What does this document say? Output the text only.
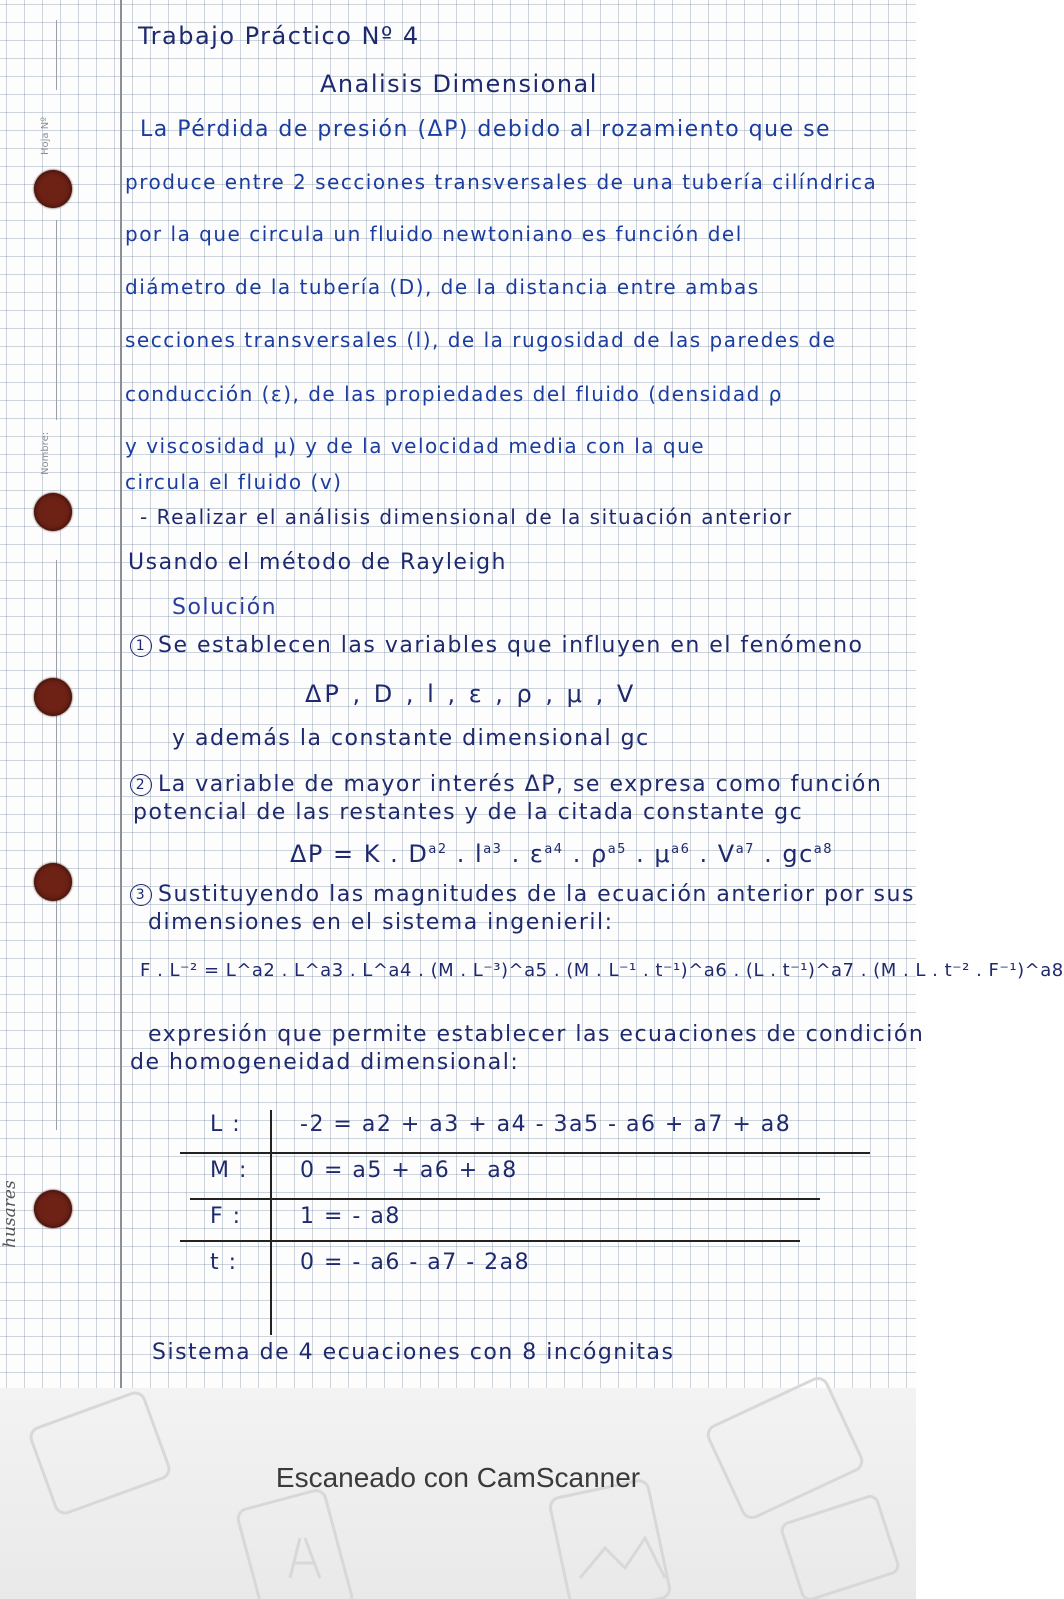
Hoja Nº
Nombre:
husares
Trabajo Práctico Nº 4
Analisis Dimensional
La Pérdida de presión (ΔP) debido al rozamiento que se
produce entre 2 secciones transversales de una tubería cilíndrica
por la que circula un fluido newtoniano es función del
diámetro de la tubería (D), de la distancia entre ambas
secciones transversales (l), de la rugosidad de las paredes de
conducción (ε), de las propiedades del fluido (densidad ρ
y viscosidad μ) y de la velocidad media con la que
circula el fluido (v)
- Realizar el análisis dimensional de la situación anterior
Usando el método de Rayleigh
Solución
1 Se establecen las variables que influyen en el fenómeno
ΔP , D , l , ε , ρ , μ , V
y además la constante dimensional gc
2 La variable de mayor interés ΔP, se expresa como función
potencial de las restantes y de la citada constante gc
ΔP = K . $D^{a2}$ . $l^{a3}$ . $\varepsilon^{a4}$ . $\rho^{a5}$ . $\mu^{a6}$ . $V^{a7}$ . $gc^{a8}$
3 Sustituyendo las magnitudes de la ecuación anterior por sus
dimensiones en el sistema ingenieril:
F . L⁻² = L^a2 . L^a3 . L^a4 . (M . L⁻³)^a5 . (M . L⁻¹ . t⁻¹)^a6 . (L . t⁻¹)^a7 . (M . L . t⁻² . F⁻¹)^a8
expresión que permite establecer las ecuaciones de condición
de homogeneidad dimensional:
L :	-2 = a2 + a3 + a4 - 3a5 - a6 + a7 + a8
M : 0 = a5 + a6 + a8
F :	1 = - a8
t :	0 = - a6 - a7 - 2a8
Sistema de 4 ecuaciones con 8 incógnitas
Escaneado con CamScanner
